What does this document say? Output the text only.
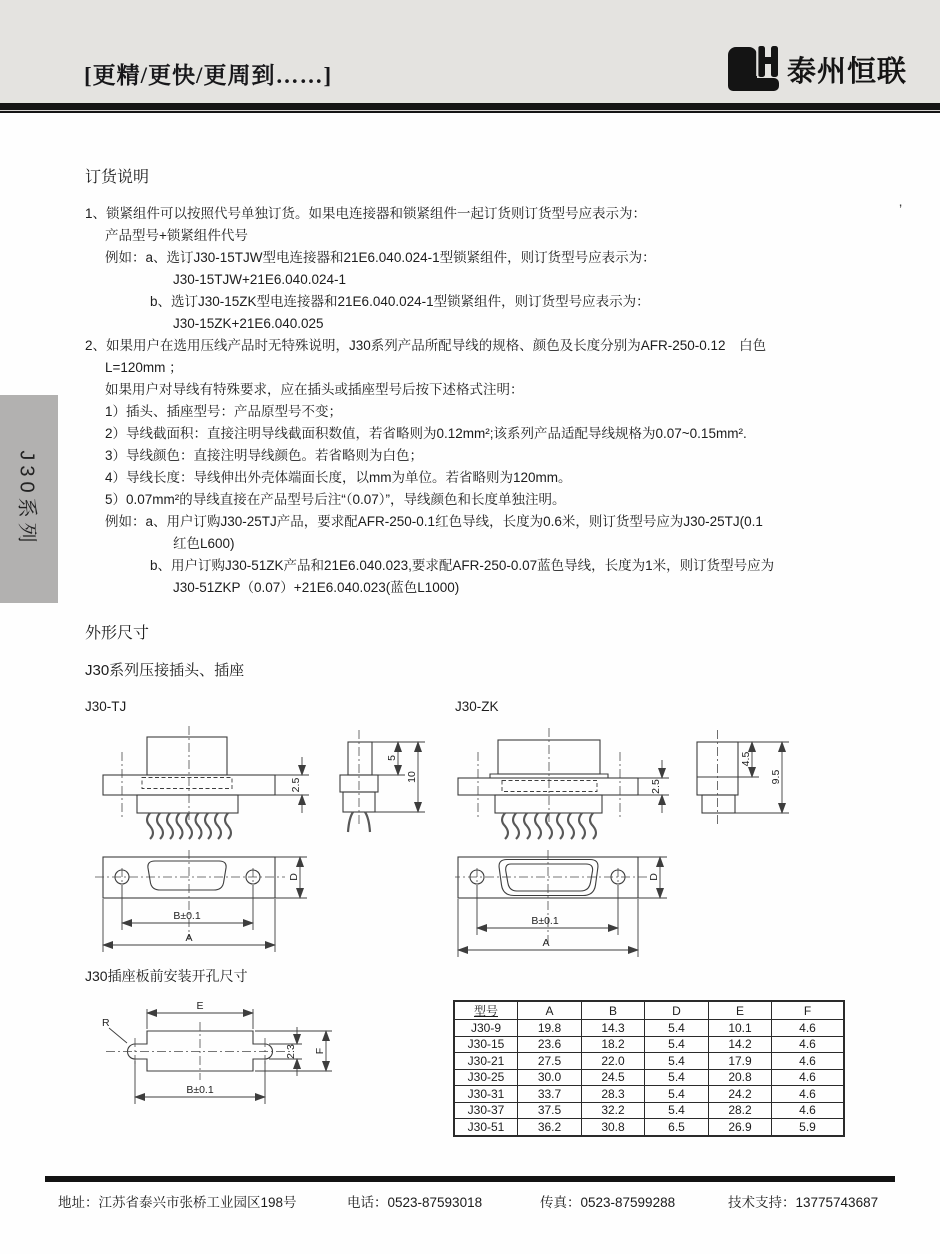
[更精/更快/更周到……]	泰州恒联
J30系列
订货说明
’
1、锁紧组件可以按照代号单独订货。如果电连接器和锁紧组件一起订货则订货型号应表示为：
产品型号+锁紧组件代号
例如：a、选订J30-15TJW型电连接器和21E6.040.024-1型锁紧组件，则订货型号应表示为：
J30-15TJW+21E6.040.024-1
b、选订J30-15ZK型电连接器和21E6.040.024-1型锁紧组件，则订货型号应表示为：
J30-15ZK+21E6.040.025
2、如果用户在选用压线产品时无特殊说明，J30系列产品所配导线的规格、颜色及长度分别为AFR-250-0.12　白色
L=120mm ；
如果用户对导线有特殊要求，应在插头或插座型号后按下述格式注明：
1）插头、插座型号：产品原型号不变；
2）导线截面积：直接注明导线截面积数值，若省略则为0.12mm²;该系列产品适配导线规格为0.07~0.15mm².
3）导线颜色：直接注明导线颜色。若省略则为白色；
4）导线长度：导线伸出外壳体端面长度，以mm为单位。若省略则为120mm。
5）0.07mm²的导线直接在产品型号后注“（0.07）”，导线颜色和长度单独注明。
例如：a、用户订购J30-25TJ产品，要求配AFR-250-0.1红色导线，长度为0.6米，则订货型号应为J30-25TJ(0.1
红色L600)
b、用户订购J30-51ZK产品和21E6.040.023,要求配AFR-250-0.07蓝色导线，长度为1米，则订货型号应为
J30-51ZKP（0.07）+21E6.040.023(蓝色L1000)
外形尺寸
J30系列压接插头、插座
J30-TJ	J30-ZK
2.5
5
10
D
B±0.1
A
2.5
4.5
9.5
D
B±0.1
A
J30插座板前安装开孔尺寸
E
R
2.3 F
B±0.1
型号	A	B	D	E	F
J30-9	19.8	14.3	5.4	10.1	4.6
J30-15	23.6	18.2	5.4	14.2	4.6
J30-21	27.5	22.0	5.4	17.9	4.6
J30-25	30.0	24.5	5.4	20.8	4.6
J30-31	33.7	28.3	5.4	24.2	4.6
J30-37	37.5	32.2	5.4	28.2	4.6
J30-51	36.2	30.8	6.5	26.9	5.9
地址：江苏省泰兴市张桥工业园区198号	电话：0523-87593018	传真：0523-87599288	技术支持：13775743687
